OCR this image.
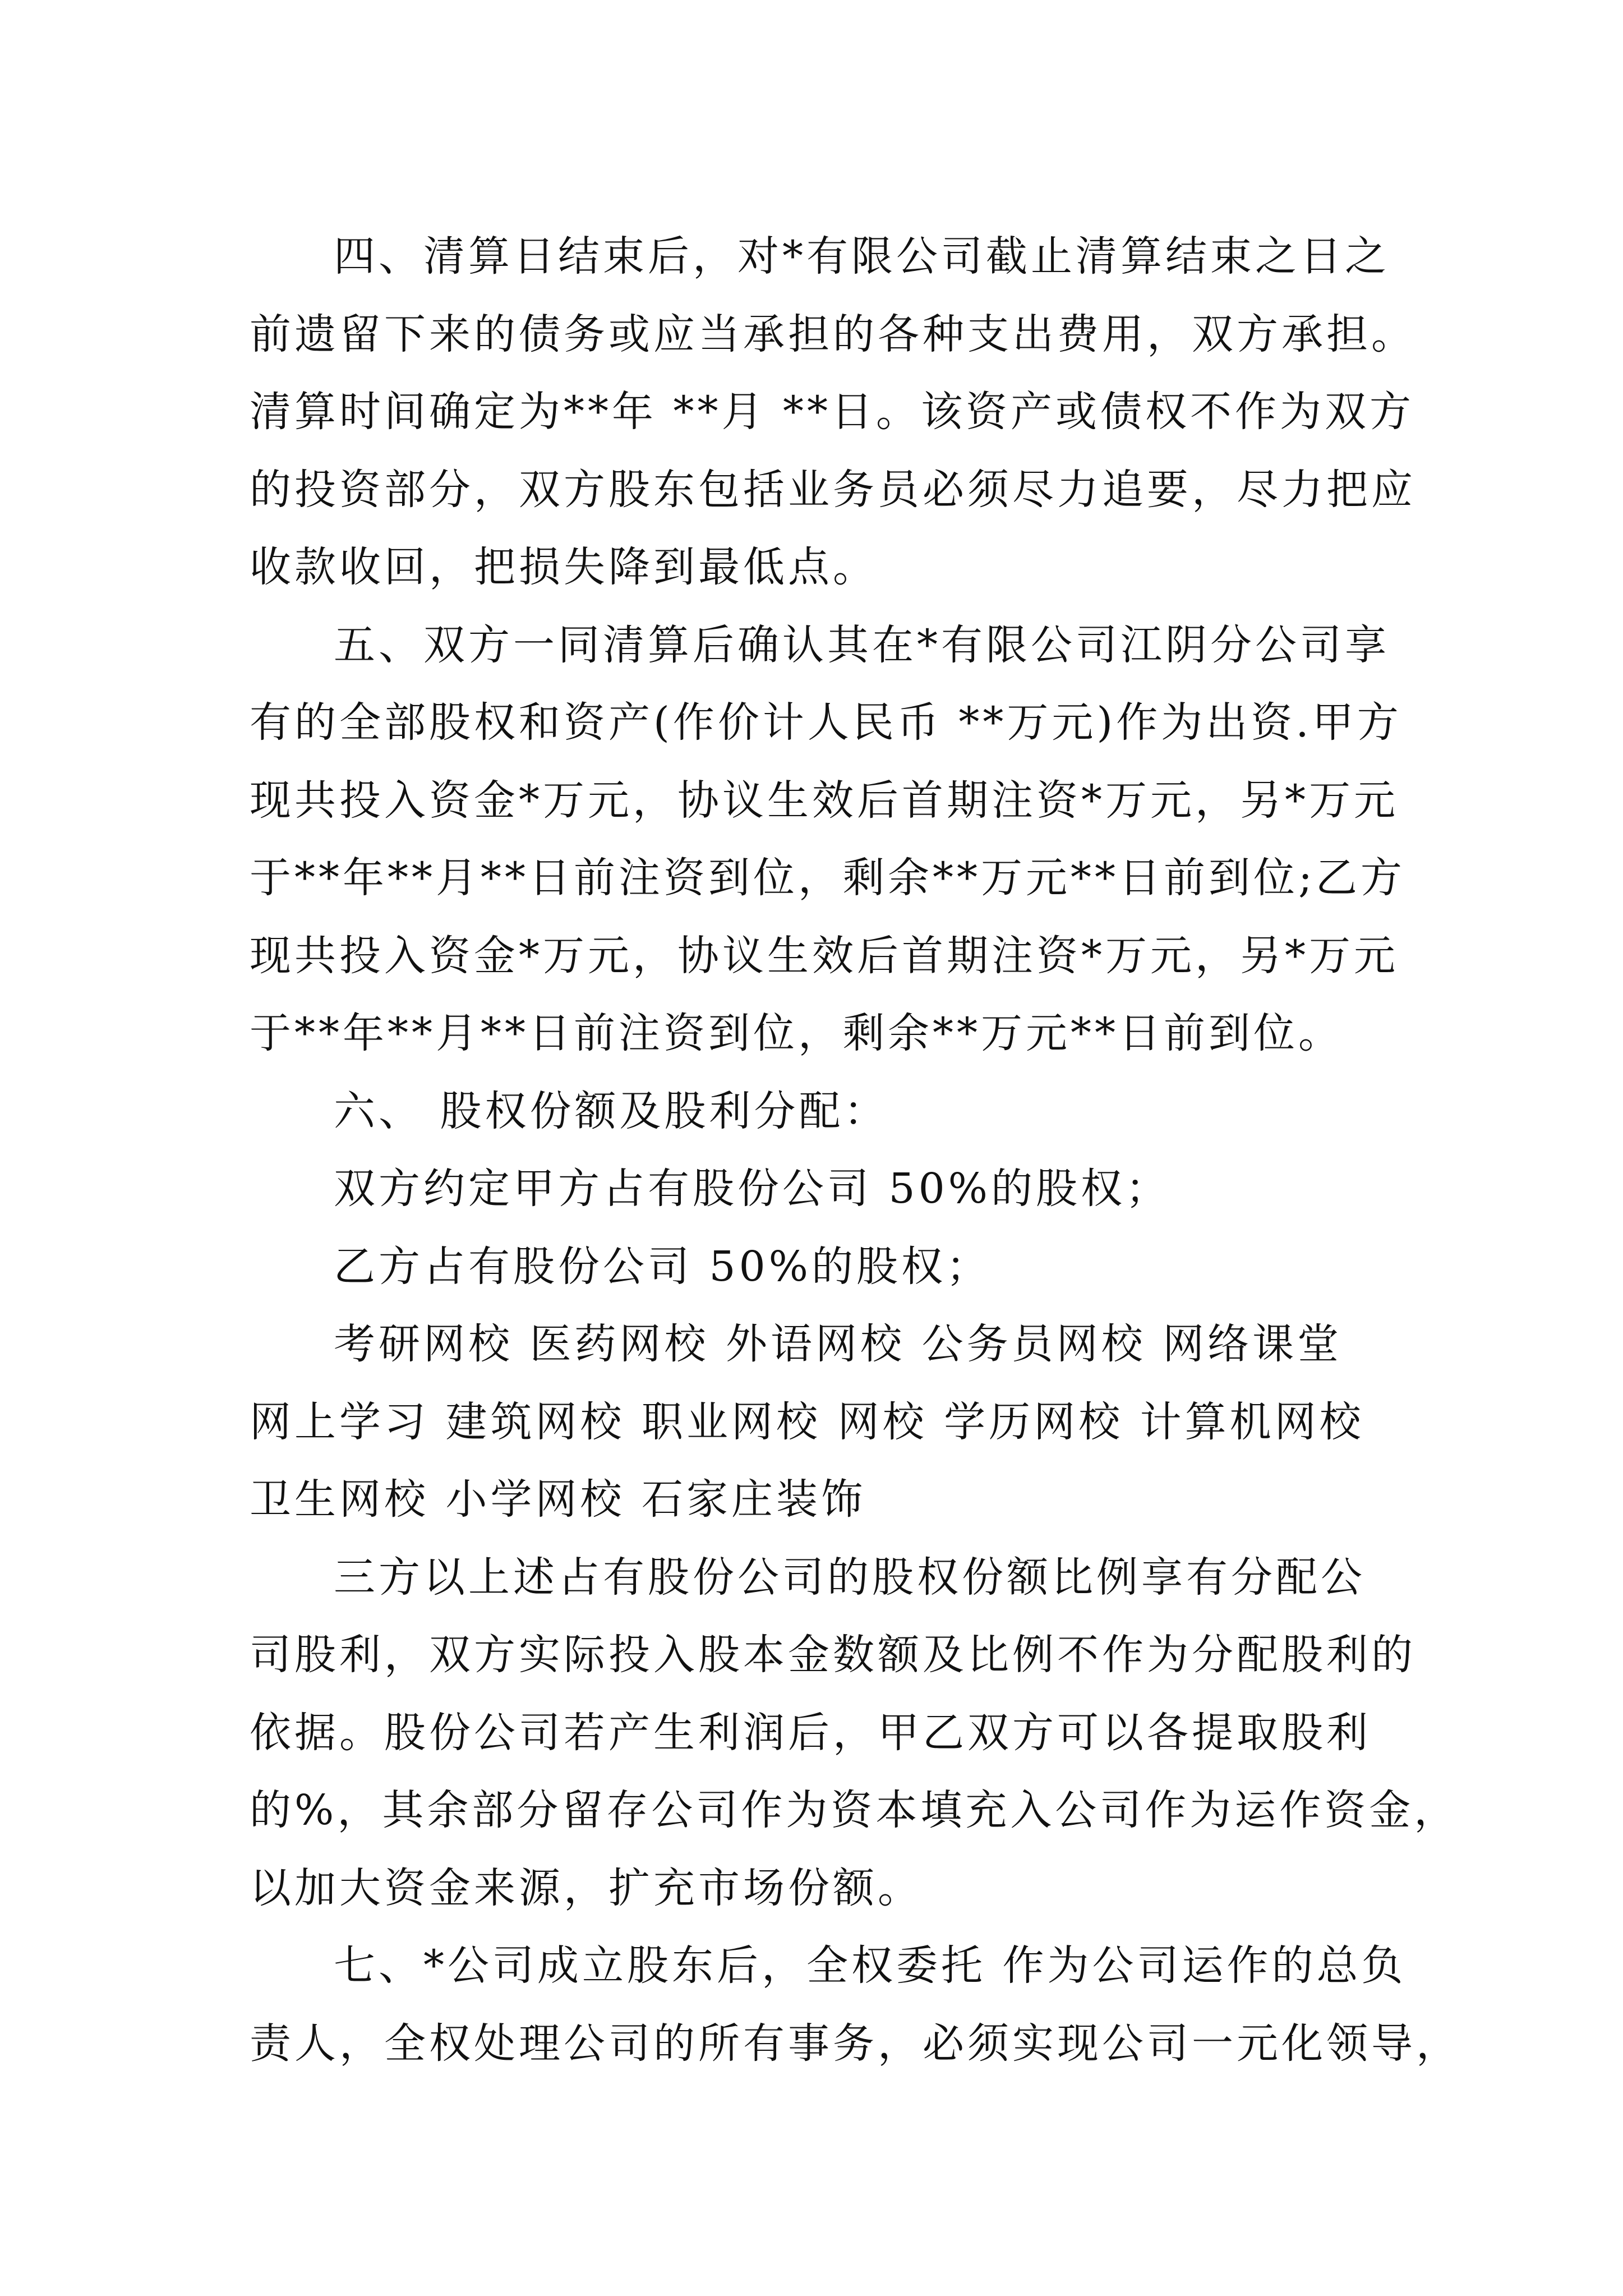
四、清算日结束后，对*有限公司截止清算结束之日之
前遗留下来的债务或应当承担的各种支出费用，双方承担。
清算时间确定为**年 **月 **日。该资产或债权不作为双方
的投资部分，双方股东包括业务员必须尽力追要，尽力把应
收款收回，把损失降到最低点。
五、双方一同清算后确认其在*有限公司江阴分公司享
有的全部股权和资产(作价计人民币 **万元)作为出资.甲方
现共投入资金*万元，协议生效后首期注资*万元，另*万元
于**年**月**日前注资到位，剩余**万元**日前到位;乙方
现共投入资金*万元，协议生效后首期注资*万元，另*万元
于**年**月**日前注资到位，剩余**万元**日前到位。
六、 股权份额及股利分配：
双方约定甲方占有股份公司 50%的股权；
乙方占有股份公司 50%的股权；
考研网校 医药网校 外语网校 公务员网校 网络课堂
网上学习 建筑网校 职业网校 网校 学历网校 计算机网校
卫生网校 小学网校 石家庄装饰
三方以上述占有股份公司的股权份额比例享有分配公
司股利，双方实际投入股本金数额及比例不作为分配股利的
依据。股份公司若产生利润后，甲乙双方可以各提取股利
的%，其余部分留存公司作为资本填充入公司作为运作资金，
以加大资金来源，扩充市场份额。
七、*公司成立股东后，全权委托 作为公司运作的总负
责人，全权处理公司的所有事务，必须实现公司一元化领导，
